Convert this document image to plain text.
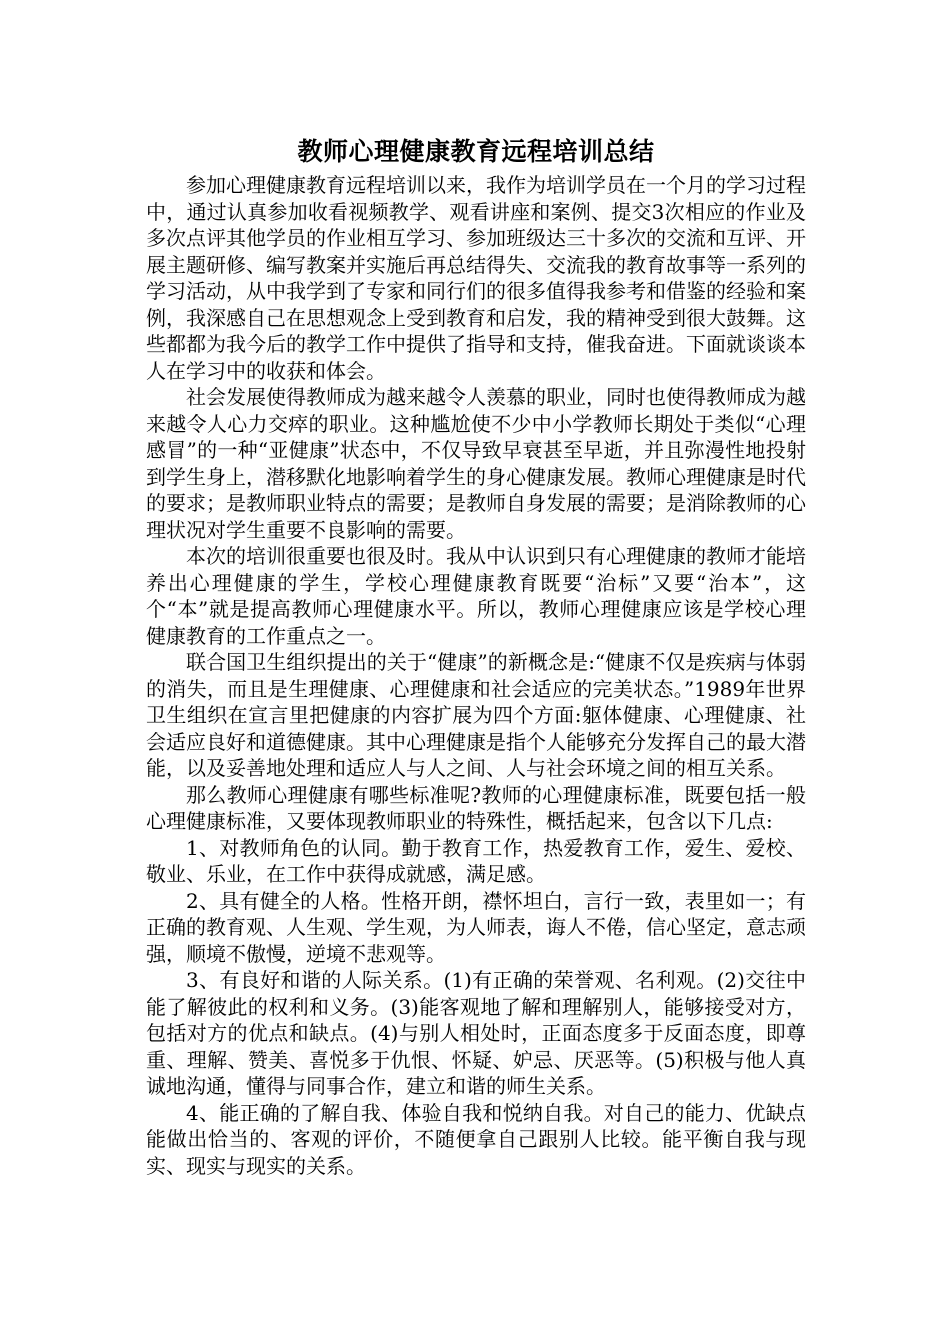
教师心理健康教育远程培训总结

参加心理健康教育远程培训以来，我作为培训学员在一个月的学习过程中，通过认真参加收看视频教学、观看讲座和案例、提交3次相应的作业及多次点评其他学员的作业相互学习、参加班级达三十多次的交流和互评、开展主题研修、编写教案并实施后再总结得失、交流我的教育故事等一系列的学习活动，从中我学到了专家和同行们的很多值得我参考和借鉴的经验和案例，我深感自己在思想观念上受到教育和启发，我的精神受到很大鼓舞。这些都都为我今后的教学工作中提供了指导和支持，催我奋进。下面就谈谈本人在学习中的收获和体会。

社会发展使得教师成为越来越令人羡慕的职业，同时也使得教师成为越来越令人心力交瘁的职业。这种尴尬使不少中小学教师长期处于类似“心理感冒”的一种“亚健康”状态中，不仅导致早衰甚至早逝，并且弥漫性地投射到学生身上，潜移默化地影响着学生的身心健康发展。教师心理健康是时代的要求；是教师职业特点的需要；是教师自身发展的需要；是消除教师的心理状况对学生重要不良影响的需要。

本次的培训很重要也很及时。我从中认识到只有心理健康的教师才能培养出心理健康的学生，学校心理健康教育既要“治标”又要“治本”，这个“本”就是提高教师心理健康水平。所以，教师心理健康应该是学校心理健康教育的工作重点之一。

联合国卫生组织提出的关于“健康”的新概念是:“健康不仅是疾病与体弱的消失，而且是生理健康、心理健康和社会适应的完美状态。”1989年世界卫生组织在宣言里把健康的内容扩展为四个方面:躯体健康、心理健康、社会适应良好和道德健康。其中心理健康是指个人能够充分发挥自己的最大潜能，以及妥善地处理和适应人与人之间、人与社会环境之间的相互关系。

那么教师心理健康有哪些标准呢?教师的心理健康标准，既要包括一般心理健康标准，又要体现教师职业的特殊性，概括起来，包含以下几点:

1、对教师角色的认同。勤于教育工作，热爱教育工作，爱生、爱校、敬业、乐业，在工作中获得成就感，满足感。

2、具有健全的人格。性格开朗，襟怀坦白，言行一致，表里如一；有正确的教育观、人生观、学生观，为人师表，诲人不倦，信心坚定，意志顽强，顺境不傲慢，逆境不悲观等。

3、有良好和谐的人际关系。(1)有正确的荣誉观、名利观。(2)交往中能了解彼此的权利和义务。(3)能客观地了解和理解别人，能够接受对方，包括对方的优点和缺点。(4)与别人相处时，正面态度多于反面态度，即尊重、理解、赞美、喜悦多于仇恨、怀疑、妒忌、厌恶等。(5)积极与他人真诚地沟通，懂得与同事合作，建立和谐的师生关系。

4、能正确的了解自我、体验自我和悦纳自我。对自己的能力、优缺点能做出恰当的、客观的评价，不随便拿自己跟别人比较。能平衡自我与现实、现实与现实的关系。
